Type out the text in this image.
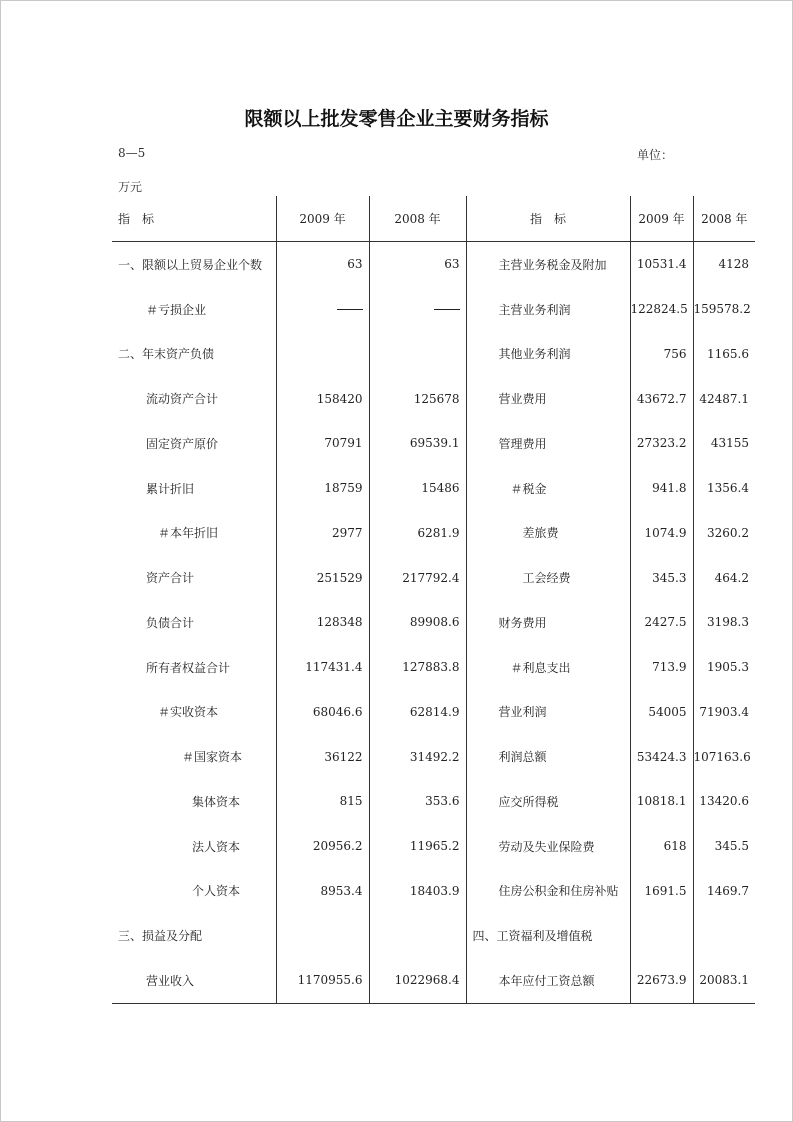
限额以上批发零售企业主要财务指标
8—5	单位：
万元
指　标	2009 年	2008 年	指　标	2009 年	2008 年
一、限额以上贸易企业个数	63	63	主营业务税金及附加	10531.4	4128
＃亏损企业			主营业务利润	122824.5	159578.2
二、年末资产负债			其他业务利润	756	1165.6
流动资产合计	158420	125678	营业费用	43672.7	42487.1
固定资产原价	70791	69539.1	管理费用	27323.2	43155
累计折旧	18759	15486	＃税金	941.8	1356.4
＃本年折旧	2977	6281.9	差旅费	1074.9	3260.2
资产合计	251529	217792.4	工会经费	345.3	464.2
负债合计	128348	89908.6	财务费用	2427.5	3198.3
所有者权益合计	117431.4	127883.8	＃利息支出	713.9	1905.3
＃实收资本	68046.6	62814.9	营业利润	54005	71903.4
＃国家资本	36122	31492.2	利润总额	53424.3	107163.6
集体资本	815	353.6	应交所得税	10818.1	13420.6
法人资本	20956.2	11965.2	劳动及失业保险费	618	345.5
个人资本	8953.4	18403.9	住房公积金和住房补贴	1691.5	1469.7
三、损益及分配			四、工资福利及增值税		
营业收入	1170955.6	1022968.4	本年应付工资总额	22673.9	20083.1
